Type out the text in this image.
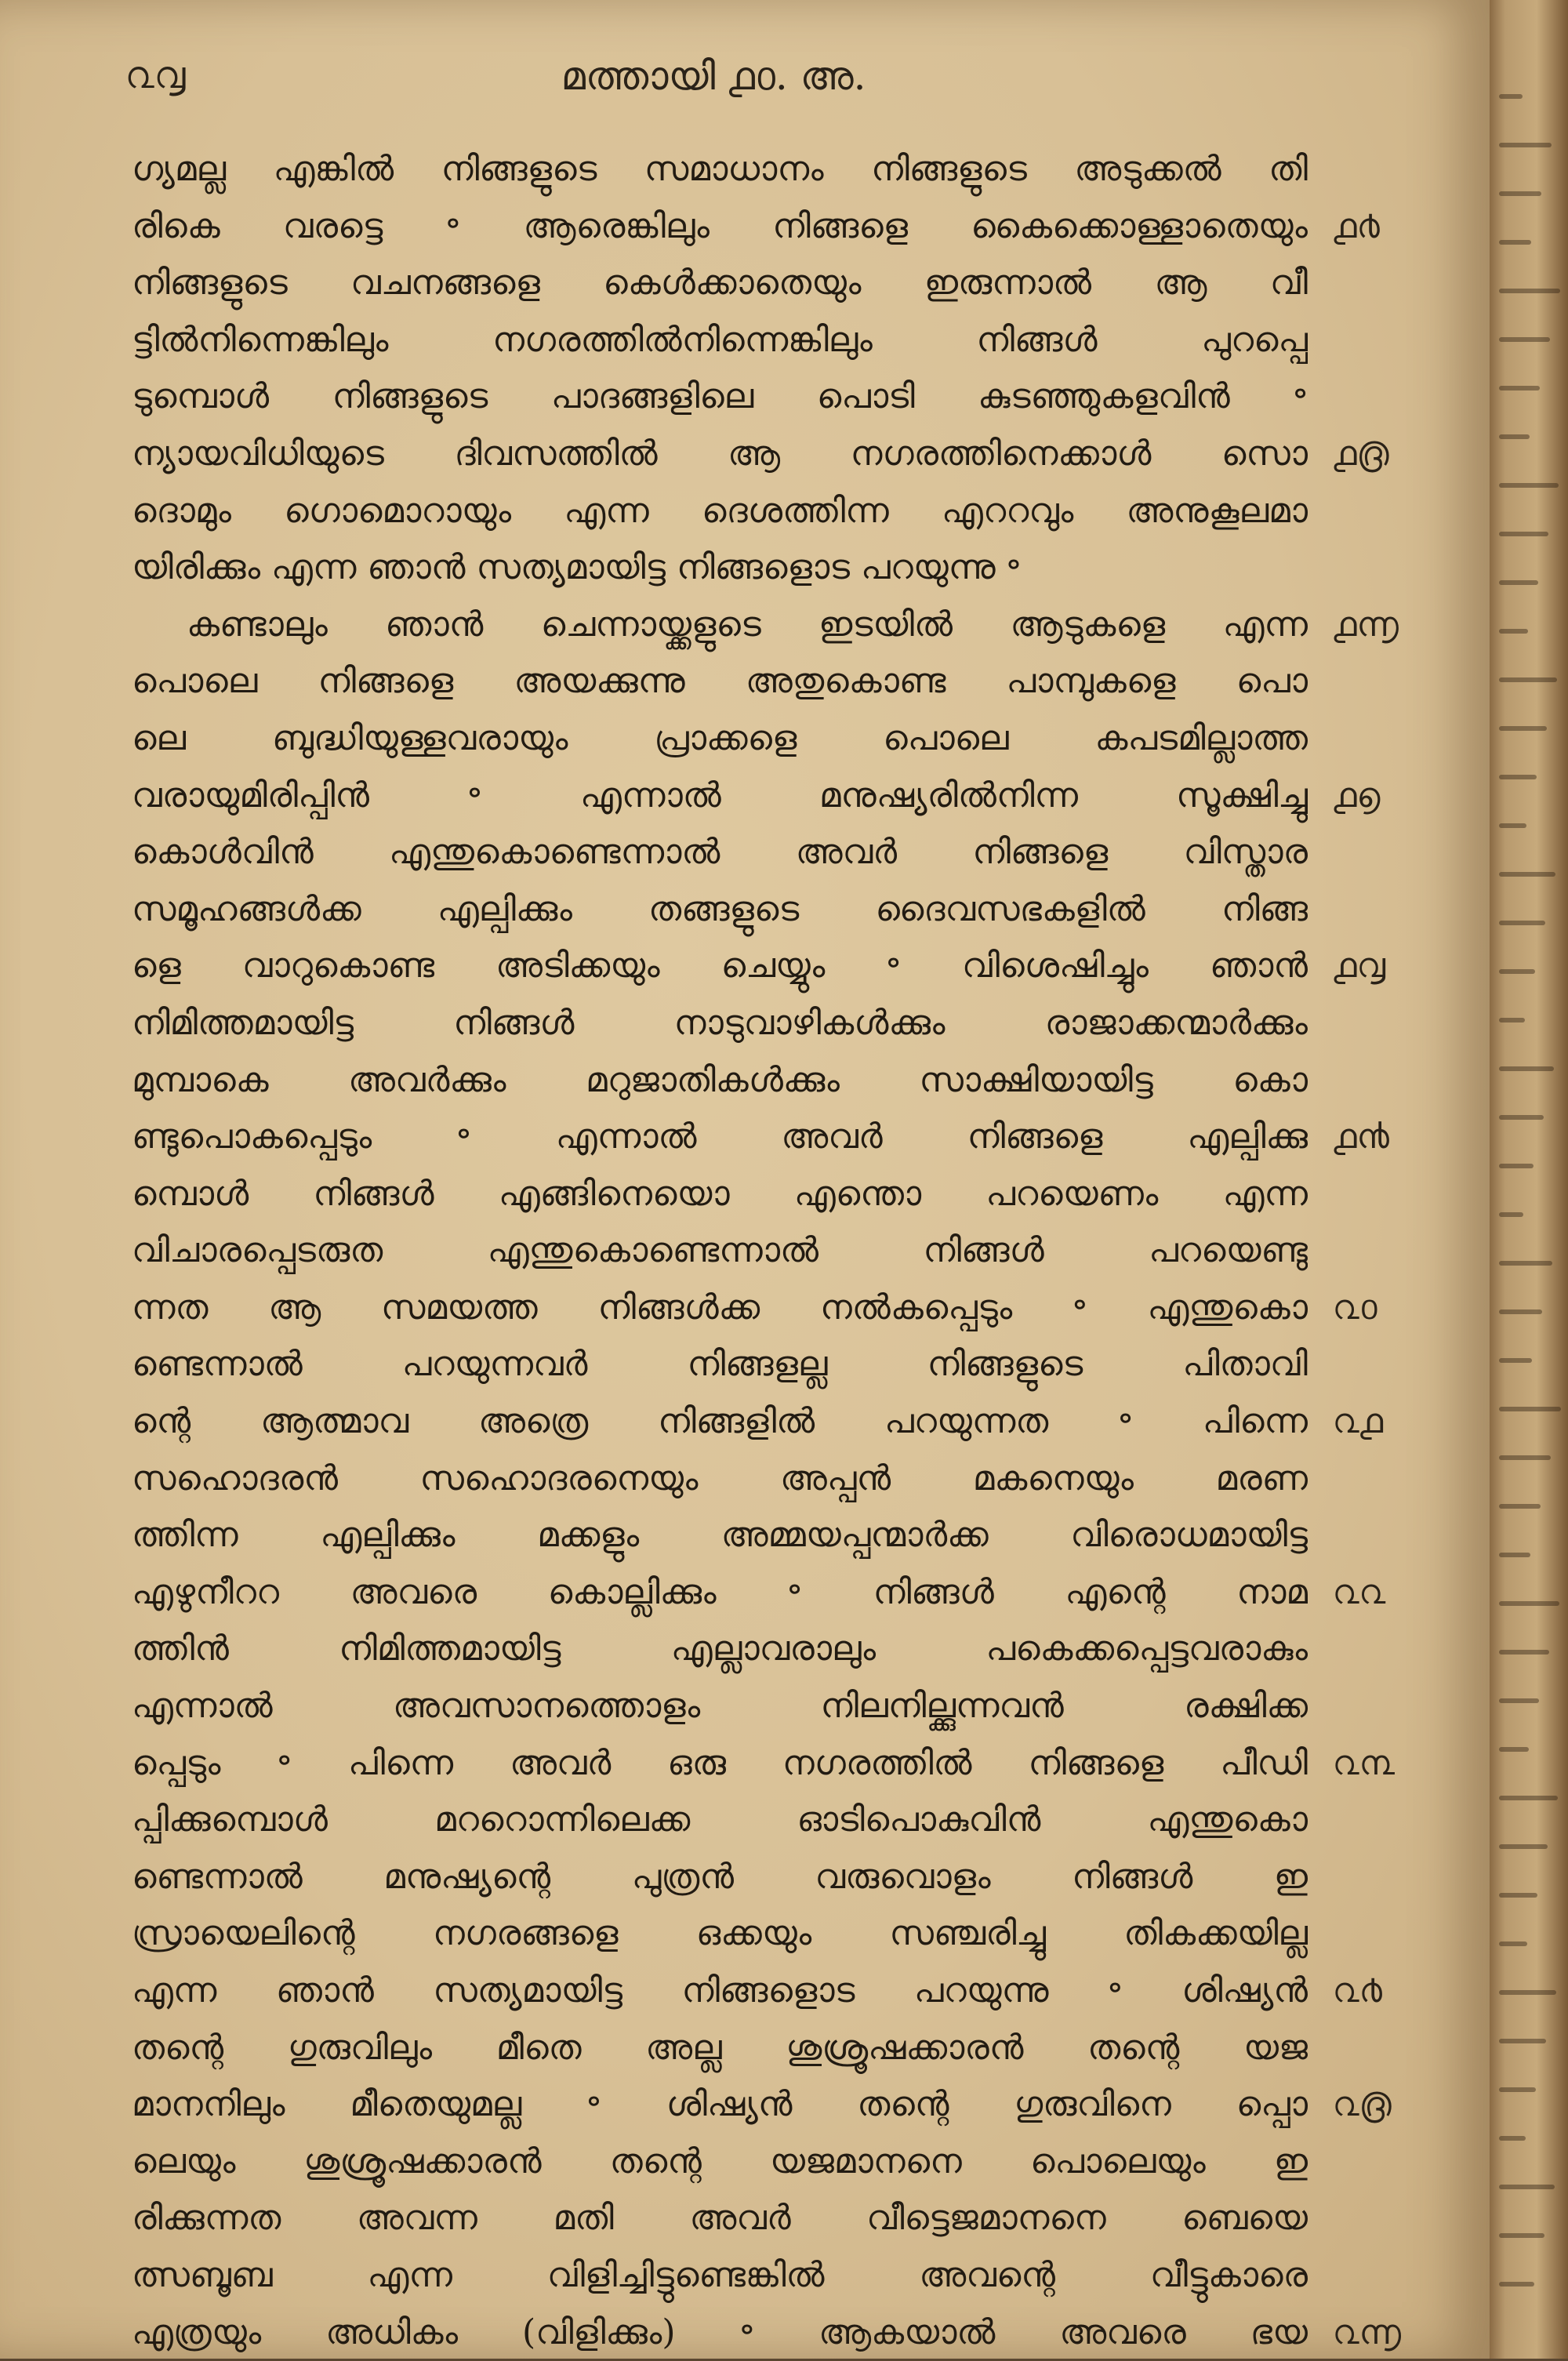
൨൮	മത്തായി ൧൦. അ.
ഗ്യമല്ല എങ്കിൽ നിങ്ങളുടെ സമാധാനം നിങ്ങളുടെ അടുക്കൽ തി
രികെ വരട്ടെ ॰ ആരെങ്കിലും നിങ്ങളെ കൈക്കൊള്ളാതെയും
നിങ്ങളുടെ വചനങ്ങളെ കെൾക്കാതെയും ഇരുന്നാൽ ആ വീ
ട്ടിൽനിന്നെങ്കിലും നഗരത്തിൽനിന്നെങ്കിലും നിങ്ങൾ പുറപ്പെ
ടുമ്പൊൾ നിങ്ങളുടെ പാദങ്ങളിലെ പൊടി കുടഞ്ഞുകളവിൻ ॰
ന്യായവിധിയുടെ ദിവസത്തിൽ ആ നഗരത്തിനെക്കാൾ സൊ
ദൊമും ഗൊമൊറായും എന്ന ദെശത്തിന്ന എററവും അനുകൂലമാ
യിരിക്കും എന്ന ഞാൻ സത്യമായിട്ട നിങ്ങളൊട പറയുന്നു ॰
കണ്ടാലും ഞാൻ ചെന്നായ്ക്കളുടെ ഇടയിൽ ആടുകളെ എന്ന
പൊലെ നിങ്ങളെ അയക്കുന്നു അതുകൊണ്ട പാമ്പുകളെ പൊ
ലെ ബുദ്ധിയുള്ളവരായും പ്രാക്കളെ പൊലെ കപടമില്ലാത്ത
വരായുമിരിപ്പിൻ ॰ എന്നാൽ മനുഷ്യരിൽനിന്ന സൂക്ഷിച്ചു
കൊൾവിൻ എന്തുകൊണ്ടെന്നാൽ അവർ നിങ്ങളെ വിസ്താര
സമൂഹങ്ങൾക്ക എല്പിക്കും തങ്ങളുടെ ദൈവസഭകളിൽ നിങ്ങ
ളെ വാറുകൊണ്ട അടിക്കയും ചെയ്യും ॰ വിശെഷിച്ചും ഞാൻ
നിമിത്തമായിട്ട നിങ്ങൾ നാടുവാഴികൾക്കും രാജാക്കന്മാർക്കും
മുമ്പാകെ അവർക്കും മറുജാതികൾക്കും സാക്ഷിയായിട്ട കൊ
ണ്ടുപൊകപ്പെടും ॰ എന്നാൽ അവർ നിങ്ങളെ എല്പിക്കു
മ്പൊൾ നിങ്ങൾ എങ്ങിനെയൊ എന്തൊ പറയെണം എന്ന
വിചാരപ്പെടരുത എന്തുകൊണ്ടെന്നാൽ നിങ്ങൾ പറയെണ്ടു
ന്നത ആ സമയത്ത നിങ്ങൾക്ക നൽകപ്പെടും ॰ എന്തുകൊ
ണ്ടെന്നാൽ പറയുന്നവർ നിങ്ങളല്ല നിങ്ങളുടെ പിതാവി
ന്റെ ആത്മാവ അത്രെ നിങ്ങളിൽ പറയുന്നത ॰ പിന്നെ
സഹൊദരൻ സഹൊദരനെയും അപ്പൻ മകനെയും മരണ
ത്തിന്ന എല്പിക്കും മക്കളും അമ്മയപ്പന്മാർക്ക വിരൊധമായിട്ട
എഴുനീററ അവരെ കൊല്ലിക്കും ॰ നിങ്ങൾ എന്റെ നാമ
ത്തിൻ നിമിത്തമായിട്ട എല്ലാവരാലും പകെക്കപ്പെട്ടവരാകും
എന്നാൽ അവസാനത്തൊളം നിലനില്ക്കുന്നവൻ രക്ഷിക്ക
പ്പെടും ॰ പിന്നെ അവർ ഒരു നഗരത്തിൽ നിങ്ങളെ പീഡി
പ്പിക്കുമ്പൊൾ മററൊന്നിലെക്ക ഓടിപൊകുവിൻ എന്തുകൊ
ണ്ടെന്നാൽ മനുഷ്യന്റെ പുത്രൻ വരുവൊളം നിങ്ങൾ ഇ
സ്രായെലിന്റെ നഗരങ്ങളെ ഒക്കയും സഞ്ചരിച്ചു തികക്കയില്ല
എന്ന ഞാൻ സത്യമായിട്ട നിങ്ങളൊട പറയുന്നു ॰ ശിഷ്യൻ
തന്റെ ഗുരുവിലും മീതെ അല്ല ശുശ്രൂഷക്കാരൻ തന്റെ യജ
മാനനിലും മീതെയുമല്ല ॰ ശിഷ്യൻ തന്റെ ഗുരുവിനെ പ്പൊ
ലെയും ശുശ്രൂഷക്കാരൻ തന്റെ യജമാനനെ പൊലെയും ഇ
രിക്കുന്നത അവന്ന മതി അവർ വീട്ടെജമാനനെ ബെയെ
ത്സബൂബ എന്ന വിളിച്ചിട്ടുണ്ടെങ്കിൽ അവന്റെ വീട്ടുകാരെ
എത്രയും അധികം (വിളിക്കും) ॰ ആകയാൽ അവരെ ഭയ
൧൪
൧൫
൧൬
൧൭
൧൮
൧൯
൨൦
൨൧
൨൨
൨൩
൨൪
൨൫
൨൬
